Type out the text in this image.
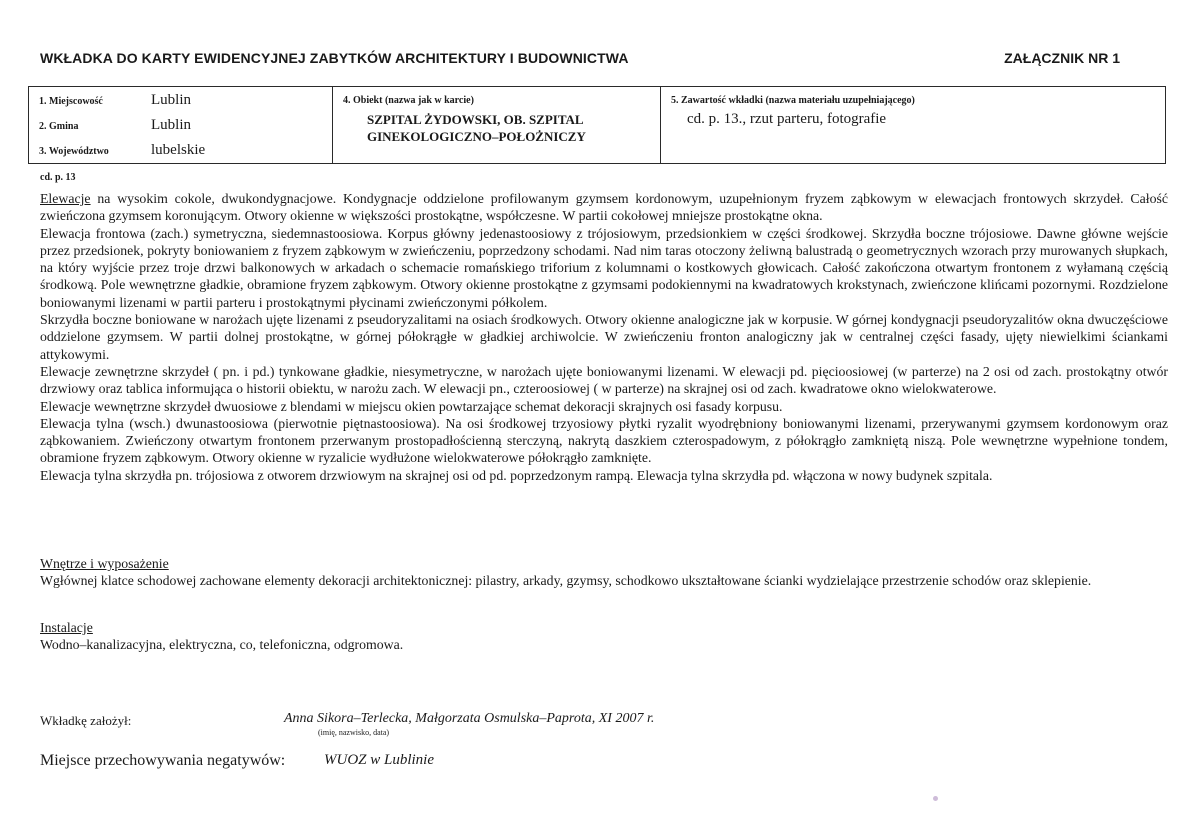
WKŁADKA DO KARTY EWIDENCYJNEJ ZABYTKÓW ARCHITEKTURY I BUDOWNICTWA	ZAŁĄCZNIK NR 1
1. Miejscowość	Lublin
2. Gmina	Lublin
3. Województwo	lubelskie
4. Obiekt (nazwa jak w karcie)
SZPITAL ŻYDOWSKI, OB. SZPITAL
GINEKOLOGICZNO–POŁOŻNICZY
5. Zawartość wkładki (nazwa materiału uzupełniającego)
cd. p. 13., rzut parteru, fotografie
cd. p. 13

Elewacje na wysokim cokole, dwukondygnacjowe. Kondygnacje oddzielone profilowanym gzymsem kordonowym, uzupełnionym fryzem ząbkowym w elewacjach frontowych skrzydeł. Całość zwieńczona gzymsem koronującym. Otwory okienne w większości prostokątne, współczesne. W partii cokołowej mniejsze prostokątne okna.

Elewacja frontowa (zach.) symetryczna, siedemnastoosiowa. Korpus główny jedenastoosiowy z trójosiowym, przedsionkiem w części środkowej. Skrzydła boczne trójosiowe. Dawne główne wejście przez przedsionek, pokryty boniowaniem z fryzem ząbkowym w zwieńczeniu, poprzedzony schodami. Nad nim taras otoczony żeliwną balustradą o geometrycznych wzorach przy murowanych słupkach, na który wyjście przez troje drzwi balkonowych w arkadach o schemacie romańskiego triforium z kolumnami o kostkowych głowicach. Całość zakończona otwartym frontonem z wyłamaną częścią środkową. Pole wewnętrzne gładkie, obramione fryzem ząbkowym. Otwory okienne prostokątne z gzymsami podokiennymi na kwadratowych krokstynach, zwieńczone klińcami pozornymi. Rozdzielone boniowanymi lizenami w partii parteru i prostokątnymi płycinami zwieńczonymi półkolem.

Skrzydła boczne boniowane w narożach ujęte lizenami z pseudoryzalitami na osiach środkowych. Otwory okienne analogiczne jak w korpusie. W górnej kondygnacji pseudoryzalitów okna dwuczęściowe oddzielone gzymsem. W partii dolnej prostokątne, w górnej półokrągłe w gładkiej archiwolcie. W zwieńczeniu fronton analogiczny jak w centralnej części fasady, ujęty niewielkimi ściankami attykowymi.

Elewacje zewnętrzne skrzydeł ( pn. i pd.) tynkowane gładkie, niesymetryczne, w narożach ujęte boniowanymi lizenami. W elewacji pd. pięcioosiowej (w parterze) na 2 osi od zach. prostokątny otwór drzwiowy oraz tablica informująca o historii obiektu, w narożu zach. W elewacji pn., czteroosiowej ( w parterze) na skrajnej osi od zach. kwadratowe okno wielokwaterowe.

Elewacje wewnętrzne skrzydeł dwuosiowe z blendami w miejscu okien powtarzające schemat dekoracji skrajnych osi fasady korpusu.

Elewacja tylna (wsch.) dwunastoosiowa (pierwotnie piętnastoosiowa). Na osi środkowej trzyosiowy płytki ryzalit wyodrębniony boniowanymi lizenami, przerywanymi gzymsem kordonowym oraz ząbkowaniem. Zwieńczony otwartym frontonem przerwanym prostopadłościenną sterczyną, nakrytą daszkiem czterospadowym, z półokrągło zamkniętą niszą. Pole wewnętrzne wypełnione tondem, obramione fryzem ząbkowym. Otwory okienne w ryzalicie wydłużone wielokwaterowe półokrągło zamknięte.

Elewacja tylna skrzydła pn. trójosiowa z otworem drzwiowym na skrajnej osi od pd. poprzedzonym rampą. Elewacja tylna skrzydła pd. włączona w nowy budynek szpitala.

Wnętrze i wyposażenie

Wgłównej klatce schodowej zachowane elementy dekoracji architektonicznej: pilastry, arkady, gzymsy, schodkowo ukształtowane ścianki wydzielające przestrzenie schodów oraz sklepienie.

Instalacje

Wodno–kanalizacyjna, elektryczna, co, telefoniczna, odgromowa.

Wkładkę założył:	Anna Sikora–Terlecka, Małgorzata Osmulska–Paprota, XI 2007 r.
(imię, nazwisko, data)
Miejsce przechowywania negatywów:	WUOZ w Lublinie
